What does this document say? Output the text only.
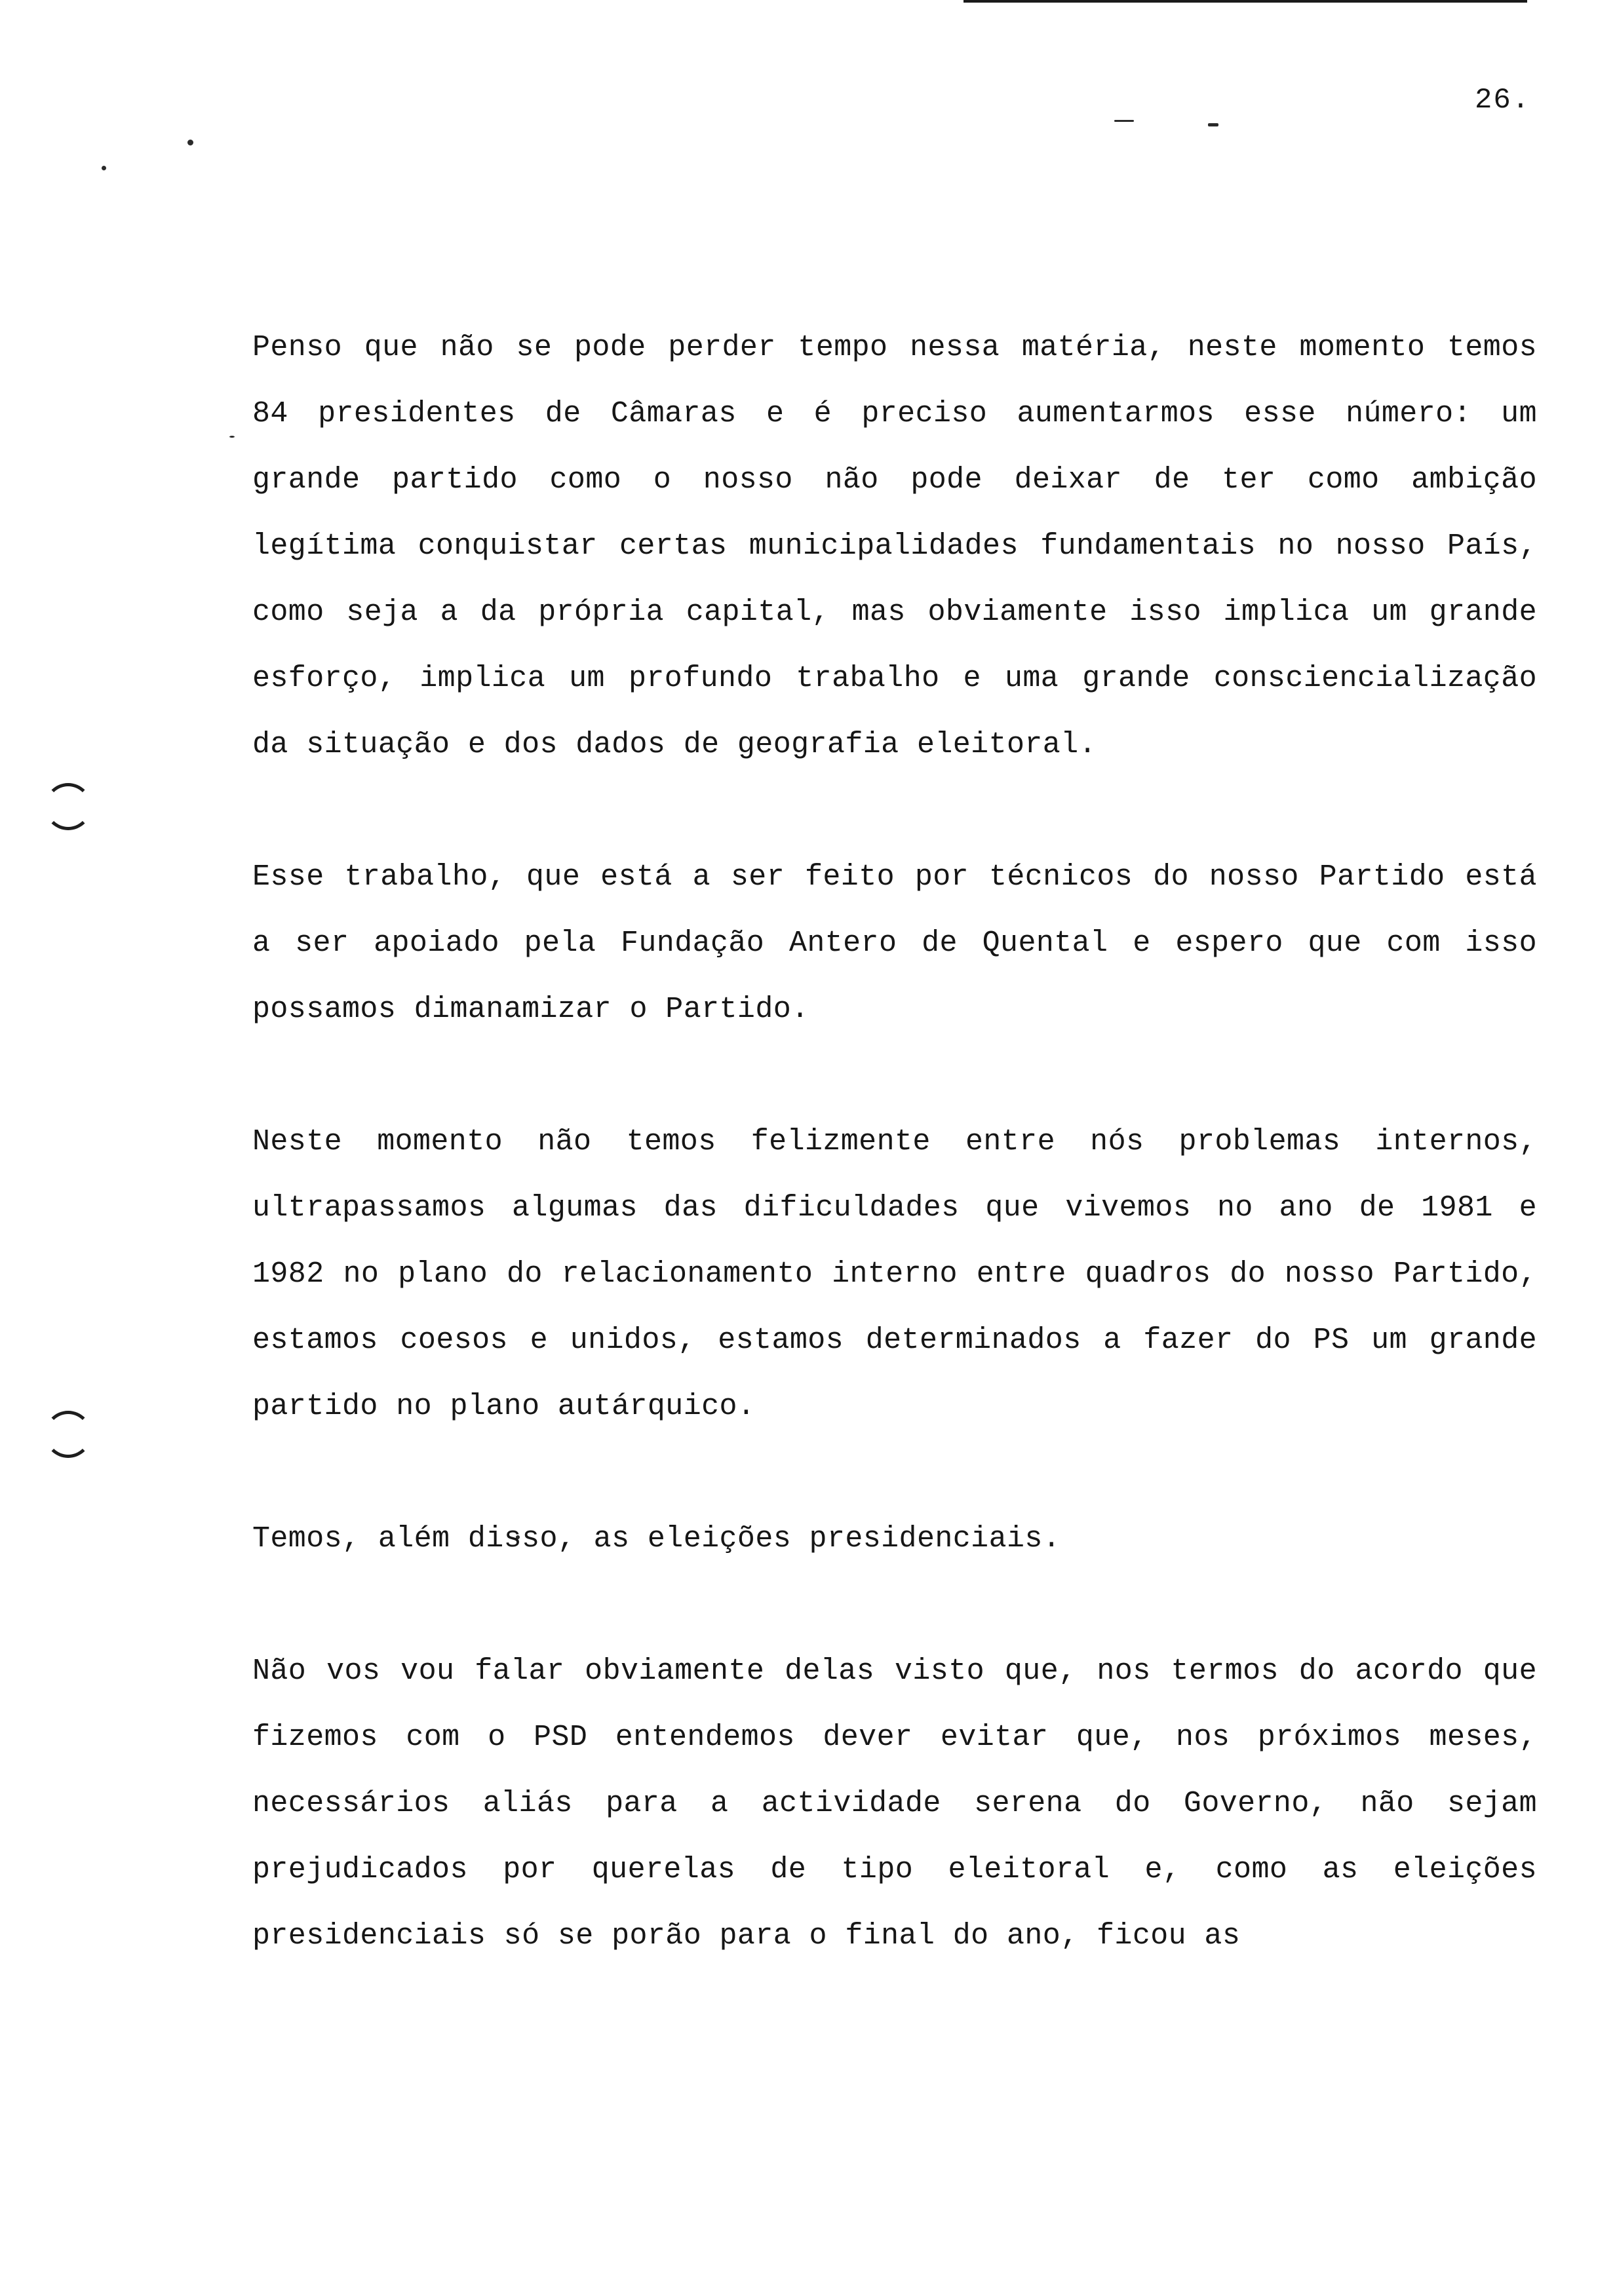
26.

Penso que não se pode perder tempo nessa matéria, neste momento temos 84 presidentes de Câmaras e é preciso aumentarmos esse número: um grande partido como o nosso não pode deixar de ter como ambição legítima conquistar certas municipalidades fundamentais no nosso País, como seja a da própria capital, mas obviamente isso implica um grande esforço, implica um profundo trabalho e uma grande consciencialização da situação e dos dados de geografia eleitoral.

Esse trabalho, que está a ser feito por técnicos do nosso Partido está a ser apoiado pela Fundação Antero de Quental e espero que com isso possamos dimanamizar o Partido.

Neste momento não temos felizmente entre nós problemas internos, ultrapassamos algumas das dificuldades que vivemos no ano de 1981 e 1982 no plano do relacionamento interno entre quadros do nosso Partido, estamos coesos e unidos, estamos determinados a fazer do PS um grande partido no plano autárquico.

Temos, além disso, as eleições presidenciais.

Não vos vou falar obviamente delas visto que, nos termos do acordo que fizemos com o PSD entendemos dever evitar que, nos próximos meses, necessários aliás para a actividade serena do Governo, não sejam prejudicados por querelas de tipo eleitoral e, como as eleições presidenciais só se porão para o final do ano, ficou as
